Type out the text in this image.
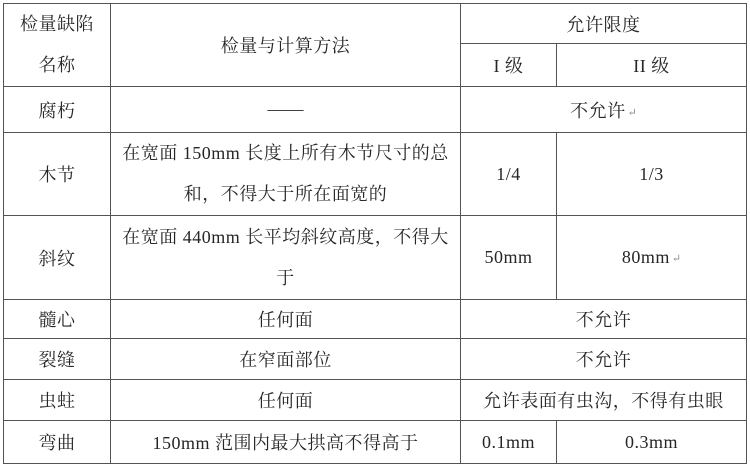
检量缺陷
名称	检量与计算方法	允许限度	
		I 级	II 级
腐朽	——	不允许 ↵	
木节	在宽面 150mm 长度上所有木节尺寸的总
和，不得大于所在面宽的	1/4	1/3
斜纹	在宽面 440mm 长平均斜纹高度，不得大
于	50mm	80mm ↵
髓心	任何面	不允许	
裂缝	在窄面部位	不允许	
虫蛀	任何面	允许表面有虫沟，不得有虫眼	
弯曲	150mm 范围内最大拱高不得高于	0.1mm	0.3mm
